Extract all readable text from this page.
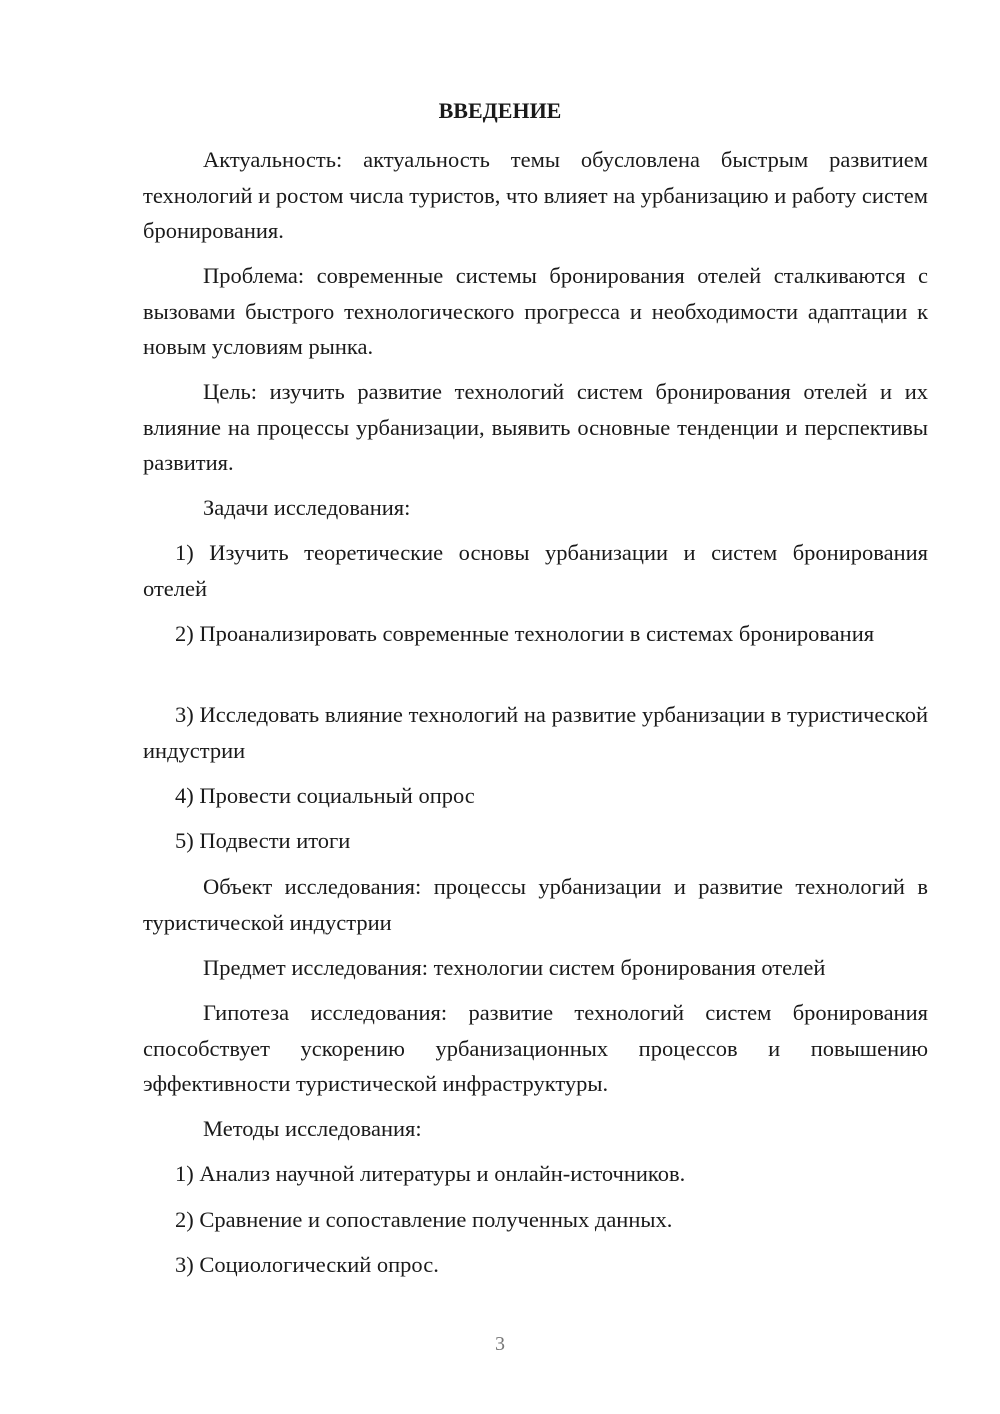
ВВЕДЕНИЕ

Актуальность: актуальность темы обусловлена быстрым развитием технологий и ростом числа туристов, что влияет на урбанизацию и работу систем бронирования.

Проблема: современные системы бронирования отелей сталкиваются с вызовами быстрого технологического прогресса и необходимости адаптации к новым условиям рынка.

Цель: изучить развитие технологий систем бронирования отелей и их влияние на процессы урбанизации, выявить основные тенденции и перспективы развития.

Задачи исследования:

1) Изучить теоретические основы урбанизации и систем бронирования отелей

2) Проанализировать современные технологии в системах бронирования

3) Исследовать влияние технологий на развитие урбанизации в туристической индустрии

4) Провести социальный опрос

5) Подвести итоги

Объект исследования: процессы урбанизации и развитие технологий в туристической индустрии

Предмет исследования: технологии систем бронирования отелей

Гипотеза исследования: развитие технологий систем бронирования способствует ускорению урбанизационных процессов и повышению эффективности туристической инфраструктуры.

Методы исследования:

1) Анализ научной литературы и онлайн-источников.

2) Сравнение и сопоставление полученных данных.

3) Социологический опрос.

3
